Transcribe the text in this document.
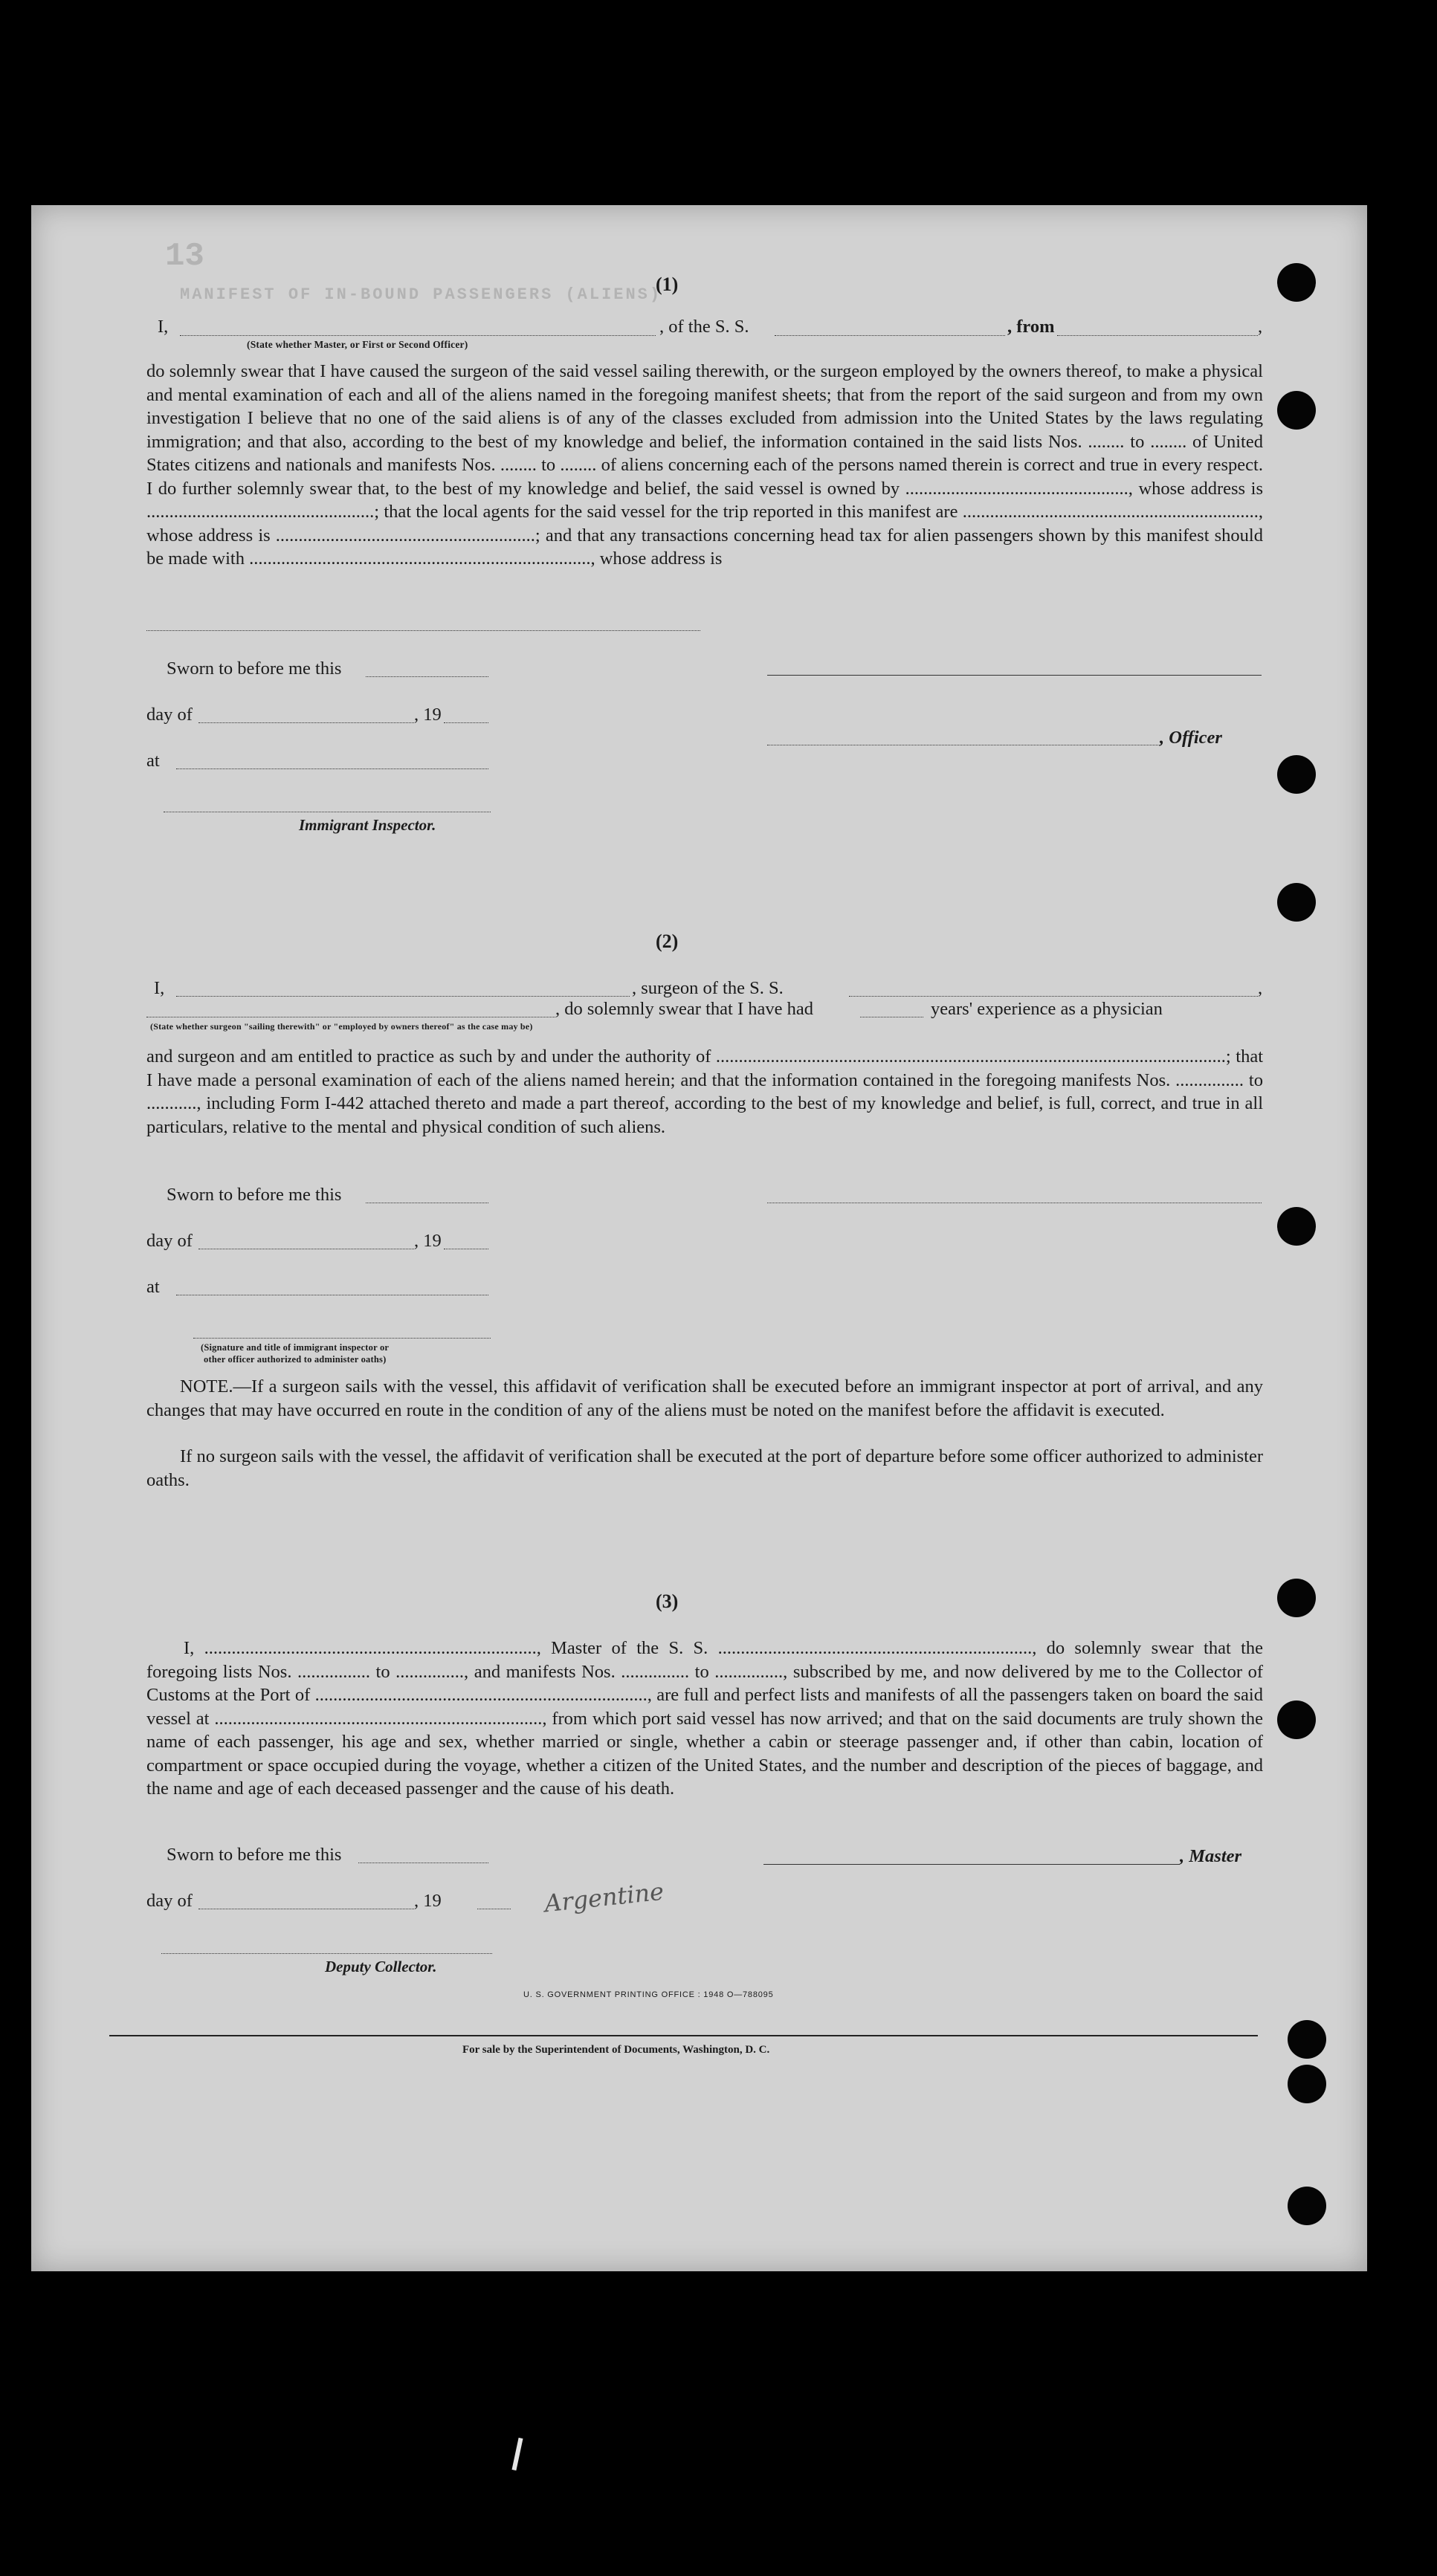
13
MANIFEST OF IN-BOUND PASSENGERS (ALIENS)
(1)
I,	, of the S. S.	, from	,
(State whether Master, or First or Second Officer)
do solemnly swear that I have caused the surgeon of the said vessel sailing therewith, or the surgeon employed by the owners thereof, to make a physical and mental examination of each and all of the aliens named in the foregoing manifest sheets; that from the report of the said surgeon and from my own investigation I believe that no one of the said aliens is of any of the classes excluded from admission into the United States by the laws regulating immigration; and that also, according to the best of my knowledge and belief, the information contained in the said lists Nos. ........ to ........ of United States citizens and nationals and manifests Nos. ........ to ........ of aliens concerning each of the persons named therein is correct and true in every respect. I do further solemnly swear that, to the best of my knowledge and belief, the said vessel is owned by ................................................., whose address is ..................................................; that the local agents for the said vessel for the trip reported in this manifest are ................................................................., whose address is .........................................................; and that any transactions concerning head tax for alien passengers shown by this manifest should be made with ..........................................................................., whose address is
Sworn to before me this
day of	, 19
, Officer
at
Immigrant Inspector.
(2)
I,	, surgeon of the S. S.	,
, do solemnly swear that I have had	years' experience as a physician
(State whether surgeon "sailing therewith" or "employed by owners thereof" as the case may be)
and surgeon and am entitled to practice as such by and under the authority of ................................................................................................................; that I have made a personal examination of each of the aliens named herein; and that the information contained in the foregoing manifests Nos. ............... to ..........., including Form I-442 attached thereto and made a part thereof, according to the best of my knowledge and belief, is full, correct, and true in all particulars, relative to the mental and physical condition of such aliens.
Sworn to before me this
day of	, 19
at
(Signature and title of immigrant inspector or
other officer authorized to administer oaths)
NOTE.—If a surgeon sails with the vessel, this affidavit of verification shall be executed before an immigrant inspector at port of arrival, and any changes that may have occurred en route in the condition of any of the aliens must be noted on the manifest before the affidavit is executed.
If no surgeon sails with the vessel, the affidavit of verification shall be executed at the port of departure before some officer authorized to administer oaths.
(3)
I, ........................................................................., Master of the S. S. ....................................................................., do solemnly swear that the foregoing lists Nos. ................ to ..............., and manifests Nos. ............... to ..............., subscribed by me, and now delivered by me to the Collector of Customs at the Port of ........................................................................., are full and perfect lists and manifests of all the passengers taken on board the said vessel at ........................................................................, from which port said vessel has now arrived; and that on the said documents are truly shown the name of each passenger, his age and sex, whether married or single, whether a cabin or steerage passenger and, if other than cabin, location of compartment or space occupied during the voyage, whether a citizen of the United States, and the number and description of the pieces of baggage, and the name and age of each deceased passenger and the cause of his death.
Sworn to before me this	, Master
day of	, 19	Argentine
Deputy Collector.
U. S. GOVERNMENT PRINTING OFFICE : 1948 O—788095
For sale by the Superintendent of Documents, Washington, D. C.
